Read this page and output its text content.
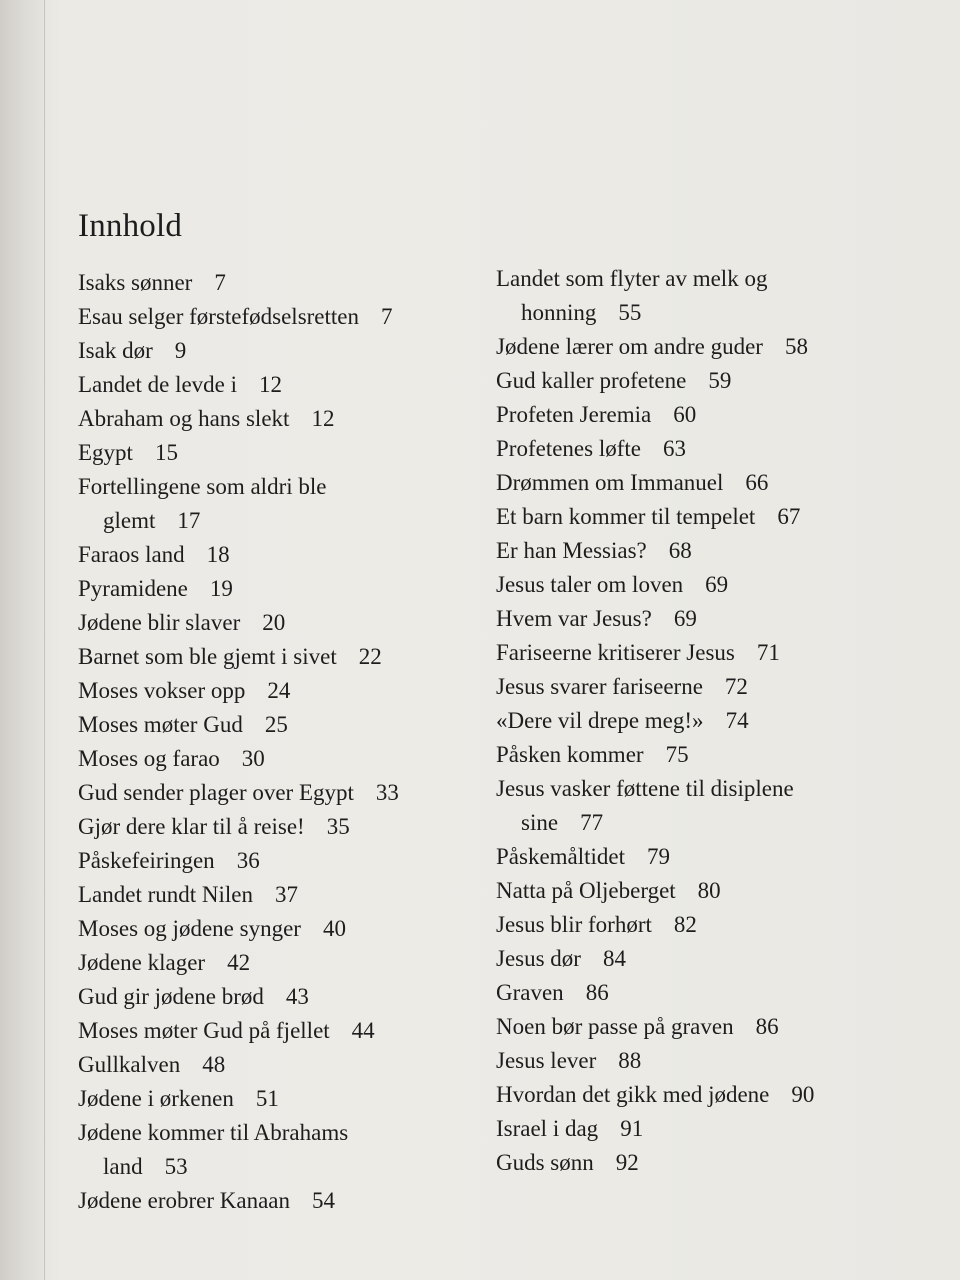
Innhold
Isaks sønner 7
Esau selger førstefødselsretten 7
Isak dør 9
Landet de levde i 12
Abraham og hans slekt 12
Egypt 15
Fortellingene som aldri ble
glemt 17
Faraos land 18
Pyramidene 19
Jødene blir slaver 20
Barnet som ble gjemt i sivet 22
Moses vokser opp 24
Moses møter Gud 25
Moses og farao 30
Gud sender plager over Egypt 33
Gjør dere klar til å reise! 35
Påskefeiringen 36
Landet rundt Nilen 37
Moses og jødene synger 40
Jødene klager 42
Gud gir jødene brød 43
Moses møter Gud på fjellet 44
Gullkalven 48
Jødene i ørkenen 51
Jødene kommer til Abrahams
land 53
Jødene erobrer Kanaan 54
Landet som flyter av melk og
honning 55
Jødene lærer om andre guder 58
Gud kaller profetene 59
Profeten Jeremia 60
Profetenes løfte 63
Drømmen om Immanuel 66
Et barn kommer til tempelet 67
Er han Messias? 68
Jesus taler om loven 69
Hvem var Jesus? 69
Fariseerne kritiserer Jesus 71
Jesus svarer fariseerne 72
«Dere vil drepe meg!» 74
Påsken kommer 75
Jesus vasker føttene til disiplene
sine 77
Påskemåltidet 79
Natta på Oljeberget 80
Jesus blir forhørt 82
Jesus dør 84
Graven 86
Noen bør passe på graven 86
Jesus lever 88
Hvordan det gikk med jødene 90
Israel i dag 91
Guds sønn 92
